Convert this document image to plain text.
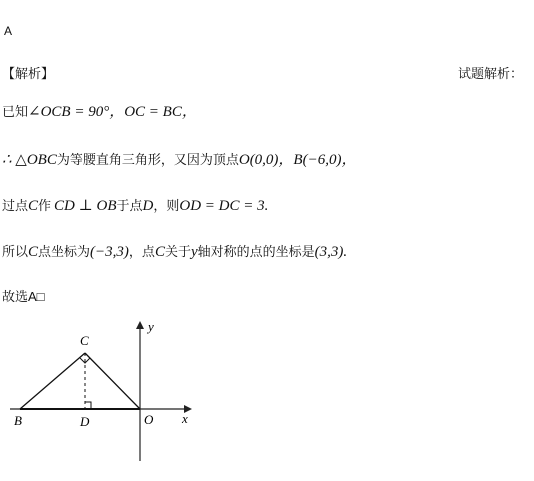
A
【解析】	试题解析：
已知 ∠OCB = 90°，OC = BC，
∴ △OBC 为等腰直角三角形，又因为顶点 O(0,0)，B(−6,0)，
过点 C 作 CD ⊥ OB 于点 D ，则 OD = DC = 3.
所以 C 点坐标为 (−3,3) ，点 C 关于 y 轴对称的点的坐标是 (3,3).
故选A□
C
B	D	O x
y
